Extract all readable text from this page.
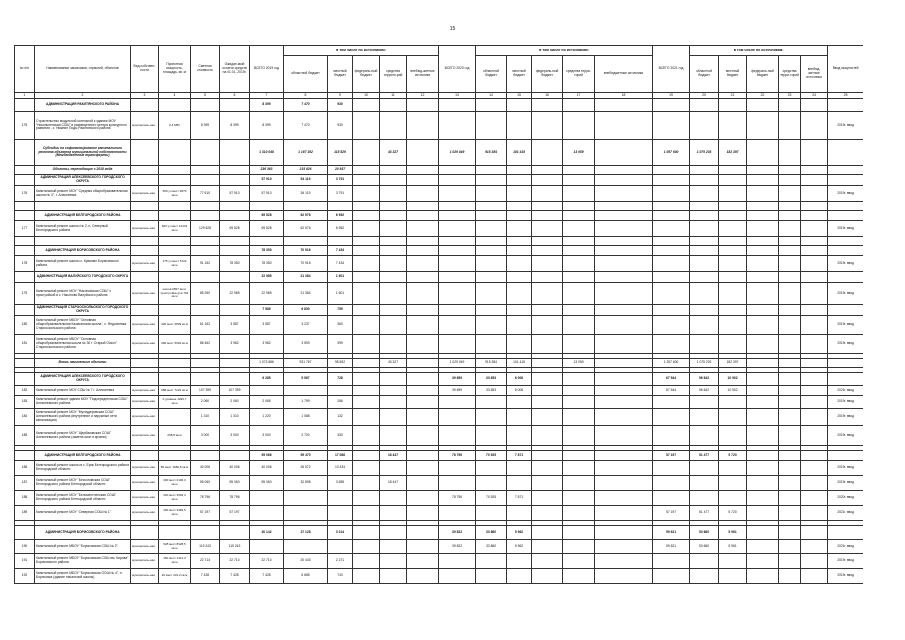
15
№ п/п	Наименование заказчиков, отраслей, объектов	Вид собствен-ности	Проектная мощность, площадь, кв. м	Сметная стоимость	Ожидае-мый остаток средств на 01.01. 2019г.	ВСЕГО 2019 год	в том числе по источникам:					ВСЕГО 2020 год	в том числе по источникам:					ВСЕГО 2021 год	в том числе по источникам:					Ввод мощностей
							областной бюджет	местный бюджет	федераль-ный бюджет	средства террито-рий	внебюд-жетные источники		областной бюджет	местный бюджет	федераль-ный бюджет	средства терри-торий	внебюджетные источники		областной бюджет	местный бюджет	федераль-ный бюджет	средства терри-торий	внебюд-жетные источники	
1	2	3	4	5	6	7	8	9	10	11	12	13	14	15	16	17	18	19	20	21	22	23	24	25
	АДМИНИСТРАЦИЯ РАКИТЯНСКОГО РАЙОНА					8 399	7 470	930																
175	Строительство модульной котельной к зданию МОУ "Никольненская СОШ" в размещенного центра культурного развития , с. Нижние Поды Ракитянского района	муниципаль-ная	0,4 МВт	8 399	8 399	8 399	7 470	930																2019г. ввод
	Субсидии на софинансирование капитального ремонта объектов муниципальной собственности (Межбюджетные трансферты)					1 310 048	1 167 192	115 529		43 327		1 029 049	915 384	101 415		13 059		1 057 600	1 075 203	182 397				
	Объекты, переходящие с 2018 года					236 363	215 626	20 937																
	АДМИНИСТРАЦИЯ АЛЕКСЕЕВСКОГО ГОРОДСКОГО ОКРУГА					57 910	54 119	3 791																
176	Капитальный ремонт МОУ "Средняя общеобразовательная школа № 3", г. Алексеевка	муниципаль-ная	560 уч.мест 4870 кв.м	77 610	57 910	57 910	54 119	3 791																2019г. ввод

	АДМИНИСТРАЦИЯ БЕЛГОРОДСКОГО РАЙОНА					69 528	62 576	6 952																
177	Капитальный ремонт школы № 2, п. Северный Белгородского района	муниципаль-ная	660 уч.мест 10134 кв.м	129 528	69 528	69 528	62 576	6 952																2019г. ввод

	АДМИНИСТРАЦИЯ БОРИСОВСКОГО РАЙОНА					78 350	70 916	7 434																
178	Капитальный ремонт школы с. Крюково Борисовского района	муниципаль-ная	175 уч.мест 5722 кв.м	91 152	78 350	78 350	70 916	7 434																2019г. ввод
	АДМИНИСТРАЦИЯ ВАЛУЙСКОГО ГОРОДСКОГО ОКРУГА					22 985	21 384	1 601																
179	Капитальный ремонт МОУ "Насоновская СОШ" с пристройкой в с. Насоново Валуйского района	муниципаль-ная	школа 6657 кв.м; пристройка для 794 кв.м	85 250	22 985	22 985	21 384	1 601																2019г. ввод
	АДМИНИСТРАЦИЯ СТАРООСКОЛЬСКОГО ГОРОДСКОГО ОКРУГА					7 589	6 830	759																
180	Капитальный ремонт МБОУ "Основная общеобразовательная Казачанская школа", с. Федосеевка Старооскольского района	муниципаль-ная	320 мест 2839 кв.м	61 162	3 587	3 587	3 237	360																2019г. ввод
181	Капитальный ремонт МБОУ "Основная общеобразовательная школа № 30 г. Старый Оскол" Старооскольского района	муниципаль-ная	600 мест 5094 кв.м	86 462	3 982	3 982	3 593	399																2019г. ввод

	Вновь начинаемые объекты					1 073 686	931 767	98 592		43 327		1 029 049	915 384	101 415		13 059		1 257 600	1 075 203	182 397				

	АДМИНИСТРАЦИЯ АЛЕКСЕЕВСКОГО ГОРОДСКОГО ОКРУГА					6 285	5 567	728				39 659	33 653	6 006				67 544	56 642	10 902				
182	Капитальный ремонт МОУ СОШ № 7 г. Алексеевка	муниципаль-ная	688 мест 7222 кв.м	107 399	107 399							39 659	33 653	6 006				67 544	56 642	10 902				2021г. ввод
183	Капитальный ремонт здания МОУ "Подсередненская СОШ" Алексеевского района	муниципаль-ная	0 уровень 1296,7 кв.м	2 060	2 060	2 065	1 799	266																2019г. ввод
184	Капитальный ремонт МОУ "Мухоудеровская СОШ" Алексеевского района (внутренние и наружные сети канализации)	муниципаль-ная		1 310	1 310	1 220	1 088	132																2019г. ввод
185	Капитальный ремонт МОУ "Щербаковская СОШ" Алексеевского района (замена окон и кровли)	муниципаль-ная	268,8 кв.м	3 000	3 000	3 000	2 700	330																2019г. ввод

	АДМИНИСТРАЦИЯ БЕЛГОРОДСКОГО РАЙОНА					95 066	59 470	17 086		18 447		78 796	70 925	7 871				57 197	51 477	5 720				
186	Капитальный ремонт школы в с. Ерик Белгородского района Белгородской области	муниципаль-ная	80 мест 1982,8 кв.м	40 006	40 006	40 006	26 572	13 434																2019г. ввод
187	Капитальный ремонт МОУ "Бессоновская СОШ" Белгородского района Белгородской области	муниципаль-ная	300 мест 2100,3 кв.м	55 060	55 060	55 060	32 898	3 655		18 447														2019г. ввод
188	Капитальный ремонт МОУ "Беломестненская СОШ" Белгородского района Белгородской области	муниципаль-ная	330 мест 3502,3 кв.м	78 796	78 796							78 796	70 925	7 871										2020г. ввод
189	Капитальный ремонт МОУ "Северная СОШ № 1"	муниципаль-ная	400 мест 3384,5 кв.м	57 197	57 197													57 197	51 477	5 720				2021г. ввод

	АДМИНИСТРАЦИЯ БОРИСОВСКОГО РАЙОНА					30 142	27 128	3 014				39 822	33 860	5 962				59 621	53 660	5 961				
190	Капитальный ремонт МБОУ "Борисовская СОШ № 2"	муниципаль-ная	528 мест 8328,5 кв.м	119 243	119 243							39 822	33 860	5 962				59 621	53 660	5 961				2021г. ввод
191	Капитальный ремонт МБОУ "Борисовская СОШ им. Кирова" Борисовского района	муниципаль-ная	150 мест 1314,3 кв.м	22 714	22 714	22 714	20 443	2 271																2019г. ввод
192	Капитальный ремонт МБОУ "Борисовская ООШ № 4", п. Борисовка (здание начальной школы)	муниципаль-ная	20 мест 231,2 кв.м	7 428	7 428	7 428	6 685	743																2019г. ввод
